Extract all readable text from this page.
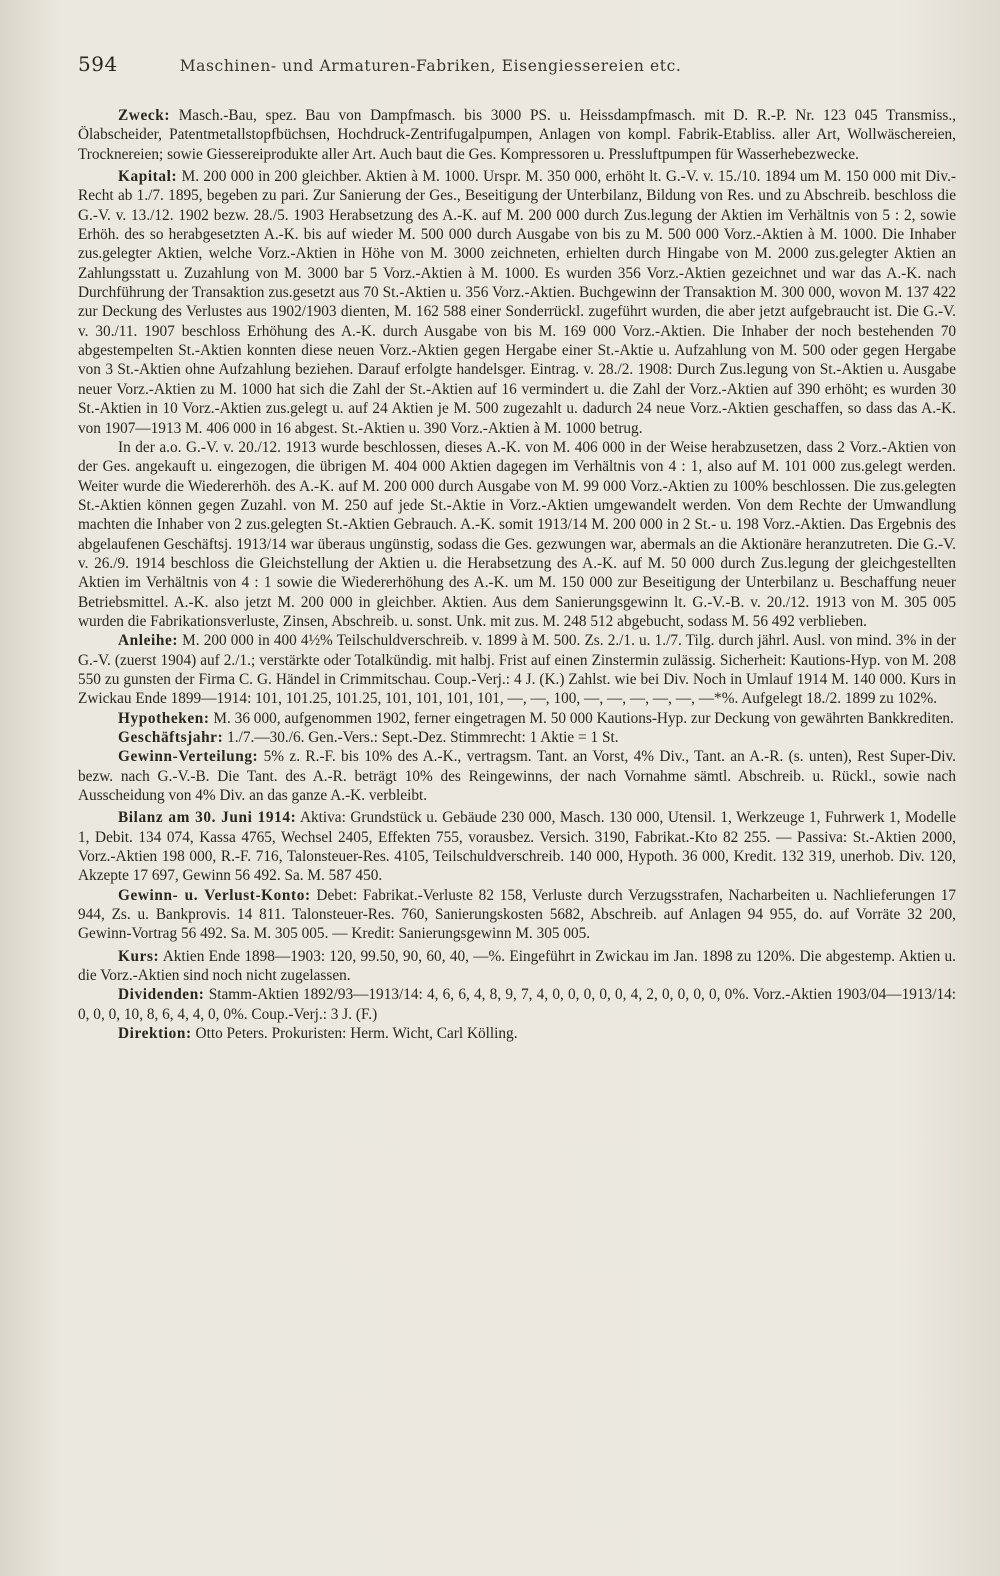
594	Maschinen- und Armaturen-Fabriken, Eisengiessereien etc.

Zweck: Masch.-Bau, spez. Bau von Dampfmasch. bis 3000 PS. u. Heissdampfmasch. mit D. R.-P. Nr. 123 045 Transmiss., Ölabscheider, Patentmetallstopfbüchsen, Hochdruck-Zentrifugalpumpen, Anlagen von kompl. Fabrik-Etabliss. aller Art, Wollwäschereien, Trocknereien; sowie Giessereiprodukte aller Art. Auch baut die Ges. Kompressoren u. Pressluftpumpen für Wasserhebezwecke.

Kapital: M. 200 000 in 200 gleichber. Aktien à M. 1000. Urspr. M. 350 000, erhöht lt. G.-V. v. 15./10. 1894 um M. 150 000 mit Div.-Recht ab 1./7. 1895, begeben zu pari. Zur Sanierung der Ges., Beseitigung der Unterbilanz, Bildung von Res. und zu Abschreib. beschloss die G.-V. v. 13./12. 1902 bezw. 28./5. 1903 Herabsetzung des A.-K. auf M. 200 000 durch Zus.legung der Aktien im Verhältnis von 5 : 2, sowie Erhöh. des so herabgesetzten A.-K. bis auf wieder M. 500 000 durch Ausgabe von bis zu M. 500 000 Vorz.-Aktien à M. 1000. Die Inhaber zus.gelegter Aktien, welche Vorz.-Aktien in Höhe von M. 3000 zeichneten, erhielten durch Hingabe von M. 2000 zus.gelegter Aktien an Zahlungsstatt u. Zuzahlung von M. 3000 bar 5 Vorz.-Aktien à M. 1000. Es wurden 356 Vorz.-Aktien gezeichnet und war das A.-K. nach Durchführung der Transaktion zus.gesetzt aus 70 St.-Aktien u. 356 Vorz.-Aktien. Buchgewinn der Transaktion M. 300 000, wovon M. 137 422 zur Deckung des Verlustes aus 1902/1903 dienten, M. 162 588 einer Sonderrückl. zugeführt wurden, die aber jetzt aufgebraucht ist. Die G.-V. v. 30./11. 1907 beschloss Erhöhung des A.-K. durch Ausgabe von bis M. 169 000 Vorz.-Aktien. Die Inhaber der noch bestehenden 70 abgestempelten St.-Aktien konnten diese neuen Vorz.-Aktien gegen Hergabe einer St.-Aktie u. Aufzahlung von M. 500 oder gegen Hergabe von 3 St.-Aktien ohne Aufzahlung beziehen. Darauf erfolgte handelsger. Eintrag. v. 28./2. 1908: Durch Zus.legung von St.-Aktien u. Ausgabe neuer Vorz.-Aktien zu M. 1000 hat sich die Zahl der St.-Aktien auf 16 vermindert u. die Zahl der Vorz.-Aktien auf 390 erhöht; es wurden 30 St.-Aktien in 10 Vorz.-Aktien zus.gelegt u. auf 24 Aktien je M. 500 zugezahlt u. dadurch 24 neue Vorz.-Aktien geschaffen, so dass das A.-K. von 1907—1913 M. 406 000 in 16 abgest. St.-Aktien u. 390 Vorz.-Aktien à M. 1000 betrug.

In der a.o. G.-V. v. 20./12. 1913 wurde beschlossen, dieses A.-K. von M. 406 000 in der Weise herabzusetzen, dass 2 Vorz.-Aktien von der Ges. angekauft u. eingezogen, die übrigen M. 404 000 Aktien dagegen im Verhältnis von 4 : 1, also auf M. 101 000 zus.gelegt werden. Weiter wurde die Wiedererhöh. des A.-K. auf M. 200 000 durch Ausgabe von M. 99 000 Vorz.-Aktien zu 100% beschlossen. Die zus.gelegten St.-Aktien können gegen Zuzahl. von M. 250 auf jede St.-Aktie in Vorz.-Aktien umgewandelt werden. Von dem Rechte der Umwandlung machten die Inhaber von 2 zus.gelegten St.-Aktien Gebrauch. A.-K. somit 1913/14 M. 200 000 in 2 St.- u. 198 Vorz.-Aktien. Das Ergebnis des abgelaufenen Geschäftsj. 1913/14 war überaus ungünstig, sodass die Ges. gezwungen war, abermals an die Aktionäre heranzutreten. Die G.-V. v. 26./9. 1914 beschloss die Gleichstellung der Aktien u. die Herabsetzung des A.-K. auf M. 50 000 durch Zus.legung der gleichgestellten Aktien im Verhältnis von 4 : 1 sowie die Wiedererhöhung des A.-K. um M. 150 000 zur Beseitigung der Unterbilanz u. Beschaffung neuer Betriebsmittel. A.-K. also jetzt M. 200 000 in gleichber. Aktien. Aus dem Sanierungsgewinn lt. G.-V.-B. v. 20./12. 1913 von M. 305 005 wurden die Fabrikationsverluste, Zinsen, Abschreib. u. sonst. Unk. mit zus. M. 248 512 abgebucht, sodass M. 56 492 verblieben.

Anleihe: M. 200 000 in 400 4½% Teilschuldverschreib. v. 1899 à M. 500. Zs. 2./1. u. 1./7. Tilg. durch jährl. Ausl. von mind. 3% in der G.-V. (zuerst 1904) auf 2./1.; verstärkte oder Totalkündig. mit halbj. Frist auf einen Zinstermin zulässig. Sicherheit: Kautions-Hyp. von M. 208 550 zu gunsten der Firma C. G. Händel in Crimmitschau. Coup.-Verj.: 4 J. (K.) Zahlst. wie bei Div. Noch in Umlauf 1914 M. 140 000. Kurs in Zwickau Ende 1899—1914: 101, 101.25, 101.25, 101, 101, 101, 101, —, —, 100, —, —, —, —, —, —*%. Aufgelegt 18./2. 1899 zu 102%.

Hypotheken: M. 36 000, aufgenommen 1902, ferner eingetragen M. 50 000 Kautions-Hyp. zur Deckung von gewährten Bankkrediten.

Geschäftsjahr: 1./7.—30./6. Gen.-Vers.: Sept.-Dez. Stimmrecht: 1 Aktie = 1 St.

Gewinn-Verteilung: 5% z. R.-F. bis 10% des A.-K., vertragsm. Tant. an Vorst, 4% Div., Tant. an A.-R. (s. unten), Rest Super-Div. bezw. nach G.-V.-B. Die Tant. des A.-R. beträgt 10% des Reingewinns, der nach Vornahme sämtl. Abschreib. u. Rückl., sowie nach Ausscheidung von 4% Div. an das ganze A.-K. verbleibt.

Bilanz am 30. Juni 1914: Aktiva: Grundstück u. Gebäude 230 000, Masch. 130 000, Utensil. 1, Werkzeuge 1, Fuhrwerk 1, Modelle 1, Debit. 134 074, Kassa 4765, Wechsel 2405, Effekten 755, vorausbez. Versich. 3190, Fabrikat.-Kto 82 255. — Passiva: St.-Aktien 2000, Vorz.-Aktien 198 000, R.-F. 716, Talonsteuer-Res. 4105, Teilschuldverschreib. 140 000, Hypoth. 36 000, Kredit. 132 319, unerhob. Div. 120, Akzepte 17 697, Gewinn 56 492. Sa. M. 587 450.

Gewinn- u. Verlust-Konto: Debet: Fabrikat.-Verluste 82 158, Verluste durch Verzugsstrafen, Nacharbeiten u. Nachlieferungen 17 944, Zs. u. Bankprovis. 14 811. Talonsteuer-Res. 760, Sanierungskosten 5682, Abschreib. auf Anlagen 94 955, do. auf Vorräte 32 200, Gewinn-Vortrag 56 492. Sa. M. 305 005. — Kredit: Sanierungsgewinn M. 305 005.

Kurs: Aktien Ende 1898—1903: 120, 99.50, 90, 60, 40, —%. Eingeführt in Zwickau im Jan. 1898 zu 120%. Die abgestemp. Aktien u. die Vorz.-Aktien sind noch nicht zugelassen.

Dividenden: Stamm-Aktien 1892/93—1913/14: 4, 6, 6, 4, 8, 9, 7, 4, 0, 0, 0, 0, 0, 4, 2, 0, 0, 0, 0, 0%. Vorz.-Aktien 1903/04—1913/14: 0, 0, 0, 10, 8, 6, 4, 4, 0, 0%. Coup.-Verj.: 3 J. (F.)

Direktion: Otto Peters. Prokuristen: Herm. Wicht, Carl Kölling.
